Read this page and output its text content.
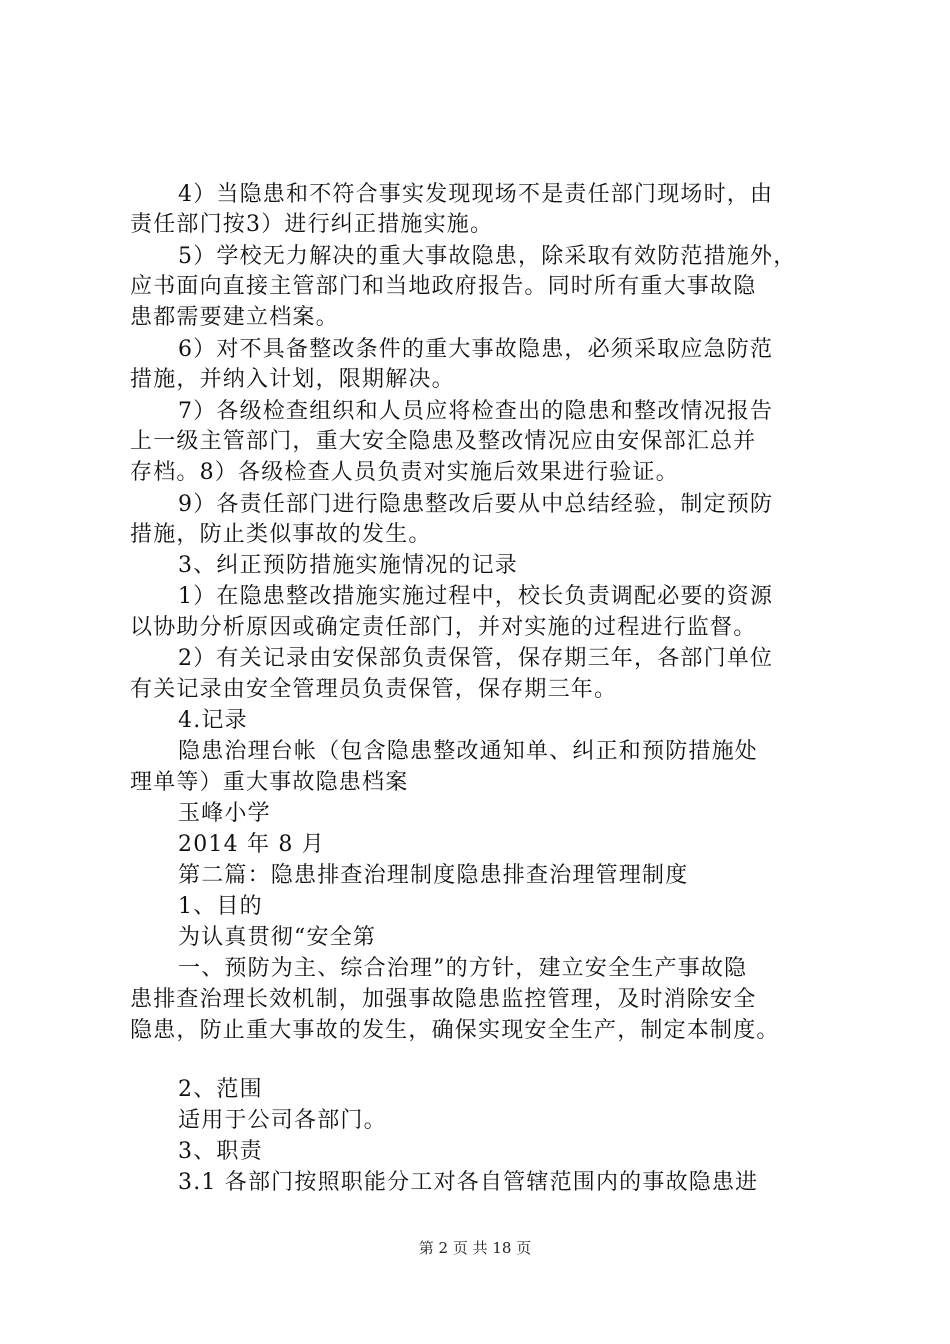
4）当隐患和不符合事实发现现场不是责任部门现场时，由
责任部门按3）进行纠正措施实施。
5）学校无力解决的重大事故隐患，除采取有效防范措施外，
应书面向直接主管部门和当地政府报告。同时所有重大事故隐
患都需要建立档案。
6）对不具备整改条件的重大事故隐患，必须采取应急防范
措施，并纳入计划，限期解决。
7）各级检查组织和人员应将检查出的隐患和整改情况报告
上一级主管部门，重大安全隐患及整改情况应由安保部汇总并
存档。8）各级检查人员负责对实施后效果进行验证。
9）各责任部门进行隐患整改后要从中总结经验，制定预防
措施，防止类似事故的发生。
3、纠正预防措施实施情况的记录
1）在隐患整改措施实施过程中，校长负责调配必要的资源
以协助分析原因或确定责任部门，并对实施的过程进行监督。
2）有关记录由安保部负责保管，保存期三年，各部门单位
有关记录由安全管理员负责保管，保存期三年。
4.记录
隐患治理台帐（包含隐患整改通知单、纠正和预防措施处
理单等）重大事故隐患档案
玉峰小学
2014 年 8 月
第二篇：隐患排查治理制度隐患排查治理管理制度
1、目的
为认真贯彻“安全第
一、预防为主、综合治理”的方针，建立安全生产事故隐
患排查治理长效机制，加强事故隐患监控管理，及时消除安全
隐患，防止重大事故的发生，确保实现安全生产，制定本制度。
2、范围
适用于公司各部门。
3、职责
3.1 各部门按照职能分工对各自管辖范围内的事故隐患进
第 2 页 共 18 页
